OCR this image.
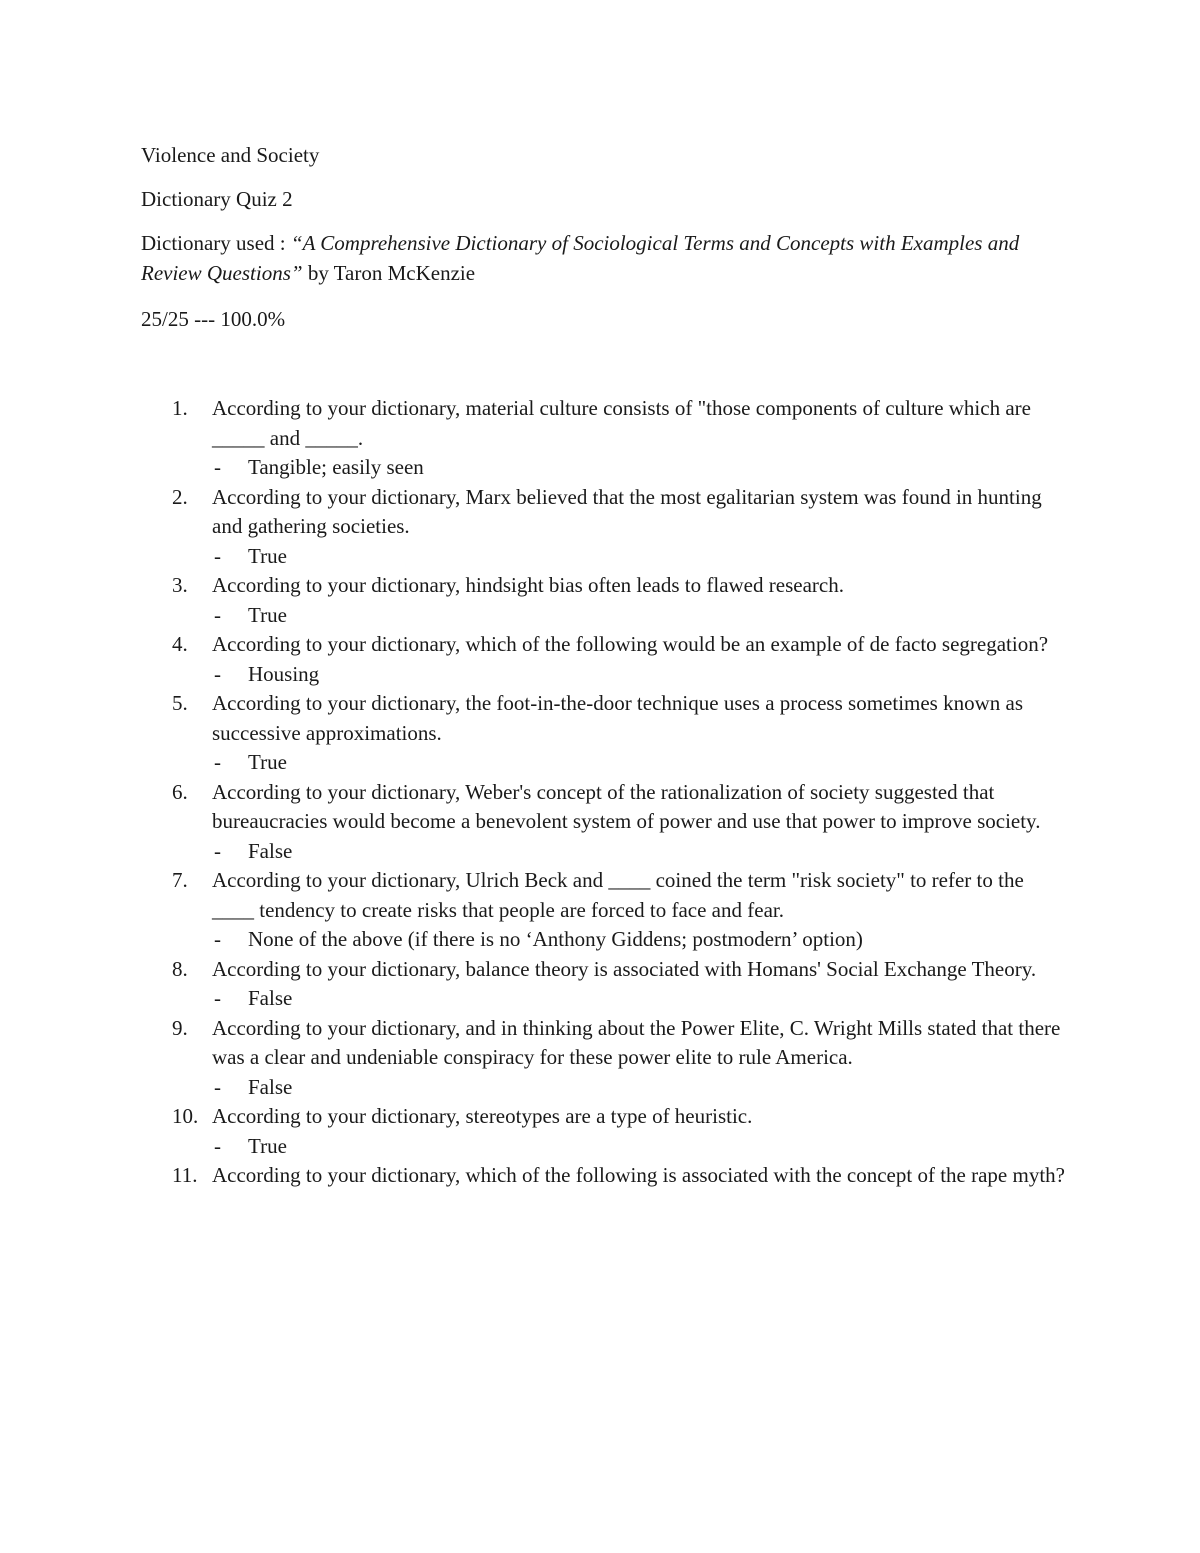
Violence and Society

Dictionary Quiz 2

Dictionary used : “A Comprehensive Dictionary of Sociological Terms and Concepts with Examples and Review Questions” by Taron McKenzie

25/25 --- 100.0%

1.	According to your dictionary, material culture consists of "those components of culture which are _____ and _____.
- Tangible; easily seen
2.	According to your dictionary, Marx believed that the most egalitarian system was found in hunting and gathering societies.
- True
3.	According to your dictionary, hindsight bias often leads to flawed research.
- True
4.	According to your dictionary, which of the following would be an example of de facto segregation?
- Housing
5.	According to your dictionary, the foot-in-the-door technique uses a process sometimes known as successive approximations.
- True
6.	According to your dictionary, Weber's concept of the rationalization of society suggested that bureaucracies would become a benevolent system of power and use that power to improve society.
- False
7.	According to your dictionary, Ulrich Beck and ____ coined the term "risk society" to refer to the ____ tendency to create risks that people are forced to face and fear.
- None of the above (if there is no ‘Anthony Giddens; postmodern’ option)
8.	According to your dictionary, balance theory is associated with Homans' Social Exchange Theory.
- False
9.	According to your dictionary, and in thinking about the Power Elite, C. Wright Mills stated that there was a clear and undeniable conspiracy for these power elite to rule America.
- False
10. According to your dictionary, stereotypes are a type of heuristic.
- True
11. According to your dictionary, which of the following is associated with the concept of the rape myth?
